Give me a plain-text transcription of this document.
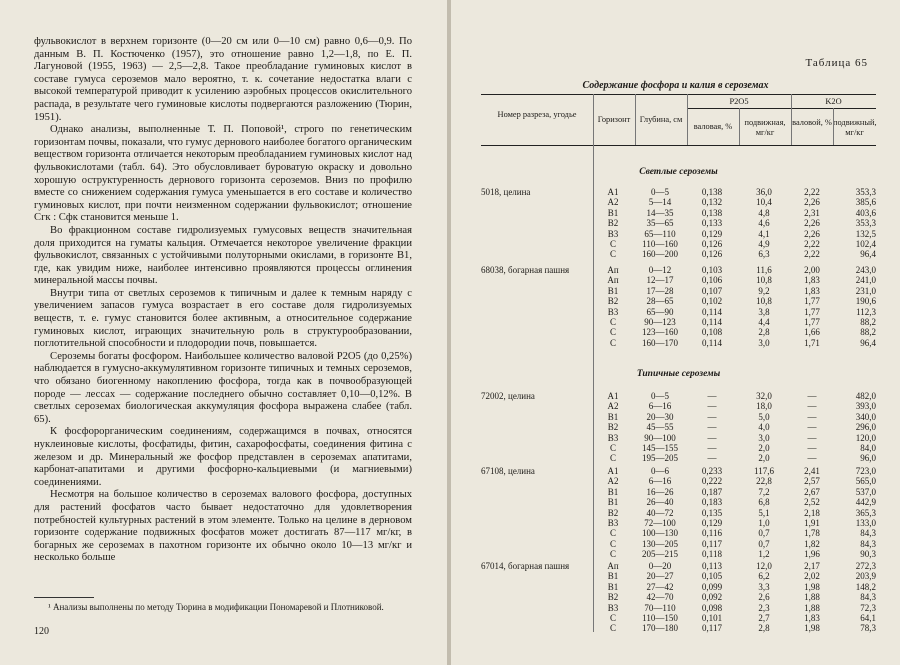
фульвокислот в верхнем горизонте (0—20 см или 0—10 см) равно 0,6—0,9. По данным В. П. Костюченко (1957), это отношение равно 1,2—1,8, по Е. П. Лагуновой (1955, 1963) — 2,5—2,8. Такое преобладание гуминовых кислот в составе гумуса сероземов мало вероятно, т. к. сочетание недостатка влаги с высокой температурой приводит к усилению аэробных процессов окислительного распада, в результате чего гуминовые кислоты подвергаются разложению (Тюрин, 1951).

Однако анализы, выполненные Т. П. Поповой¹, строго по генетическим горизонтам почвы, показали, что гумус дернового наиболее богатого органическим веществом горизонта отличается некоторым преобладанием гуминовых кислот над фульвокислотами (табл. 64). Это обусловливает буроватую окраску и довольно хорошую оструктуренность дернового горизонта сероземов. Вниз по профилю вместе со снижением содержания гумуса уменьшается в его составе и количество гуминовых кислот, при почти неизменном содержании фульвокислот; отношение Сгк : Сфк становится меньше 1.

Во фракционном составе гидролизуемых гумусовых веществ значительная доля приходится на гуматы кальция. Отмечается некоторое увеличение фракции фульвокислот, связанных с устойчивыми полуторными окислами, в горизонте B1, где, как увидим ниже, наиболее интенсивно проявляются процессы оглинения минеральной массы почвы.

Внутри типа от светлых сероземов к типичным и далее к темным наряду с увеличением запасов гумуса возрастает в его составе доля гидролизуемых веществ, т. е. гумус становится более активным, а относительное содержание гуминовых кислот, играющих значительную роль в структурообразовании, поглотительной способности и плодородии почв, повышается.

Сероземы богаты фосфором. Наибольшее количество валовой P2O5 (до 0,25%) наблюдается в гумусно-аккумулятивном горизонте типичных и темных сероземов, что обязано биогенному накоплению фосфора, тогда как в почвообразующей породе — лессах — содержание последнего обычно составляет 0,10—0,12%. В светлых сероземах биологическая аккумуляция фосфора выражена слабее (табл. 65).

К фосфорорганическим соединениям, содержащимся в почвах, относятся нуклеиновые кислоты, фосфатиды, фитин, сахарофосфаты, соединения фитина с железом и др. Минеральный же фосфор представлен в сероземах апатитами, карбонат-апатитами и другими фосфорно-кальциевыми (и магниевыми) соединениями.

Несмотря на большое количество в сероземах валового фосфора, доступных для растений фосфатов часто бывает недостаточно для удовлетворения потребностей культурных растений в этом элементе. Только на целине в дерновом горизонте содержание подвижных фосфатов может достигать 87—117 мг/кг, в богарных же сероземах в пахотном горизонте их обычно около 10—13 мг/кг и несколько больше

¹ Анализы выполнены по методу Тюрина в модификации Пономаревой и Плотниковой.
120
Таблица 65
Содержание фосфора и калия в сероземах
Номер разреза, угодье
Горизонт	Глубина, см
P2O5	K2O
валовая, %	подвижная, мг/кг
валовой, % подвижный, мг/кг
Светлые сероземы
Типичные сероземы
5018, целина	A1	0—5	0,138	36,0	2,22	353,3
A2	5—14	0,132	10,4	2,26	385,6
B1	14—35	0,138	4,8	2,31	403,6
B2	35—65	0,133	4,6	2,26	353,3
B3	65—110	0,129	4,1	2,26	132,5
C	110—160	0,126	4,9	2,22	102,4
C	160—200	0,126	6,3	2,22	96,4
68038, богарная пашня	Aп	0—12	0,103	11,6	2,00	243,0
Aп	12—17	0,106	10,8	1,83	241,0
B1	17—28	0,107	9,2	1,83	231,0
B2	28—65	0,102	10,8	1,77	190,6
B3	65—90	0,114	3,8	1,77	112,3
C	90—123	0,114	4,4	1,77	88,2
C	123—160	0,108	2,8	1,66	88,2
C	160—170	0,114	3,0	1,71	96,4
72002, целина	A1	0—5	—	32,0	—	482,0
A2	6—16	—	18,0	—	393,0
B1	20—30	—	5,0	—	340,0
B2	45—55	—	4,0	—	296,0
B3	90—100	—	3,0	—	120,0
C	145—155	—	2,0	—	84,0
C	195—205	—	2,0	—	96,0
67108, целина	A1	0—6	0,233	117,6	2,41	723,0
A2	6—16	0,222	22,8	2,57	565,0
B1	16—26	0,187	7,2	2,67	537,0
B1	26—40	0,183	6,8	2,52	442,9
B2	40—72	0,135	5,1	2,18	365,3
B3	72—100	0,129	1,0	1,91	133,0
C	100—130	0,116	0,7	1,78	84,3
C	130—205	0,117	0,7	1,82	84,3
C	205—215	0,118	1,2	1,96	90,3
67014, богарная пашня	Aп	0—20	0,113	12,0	2,17	272,3
B1	20—27	0,105	6,2	2,02	203,9
B1	27—42	0,099	3,3	1,98	148,2
B2	42—70	0,092	2,6	1,88	84,3
B3	70—110	0,098	2,3	1,88	72,3
C	110—150	0,101	2,7	1,83	64,1
C	170—180	0,117	2,8	1,98	78,3
